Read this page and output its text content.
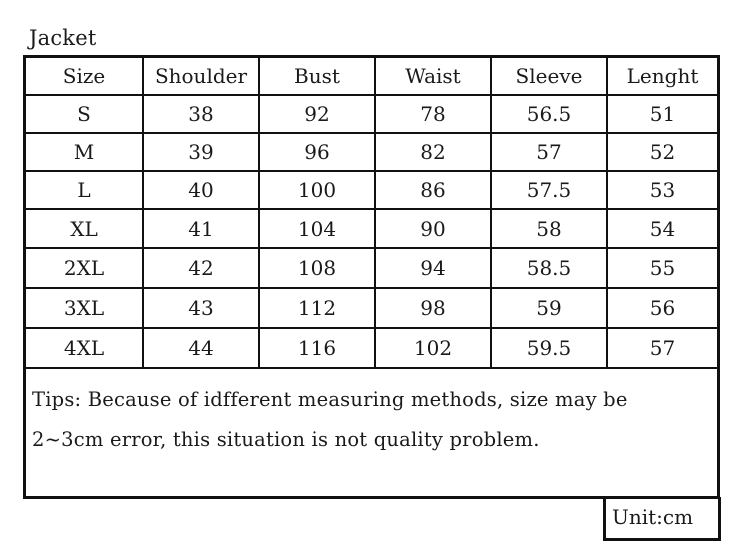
Jacket
Size	Shoulder	Bust	Waist	Sleeve	Lenght
S	38	92	78	56.5	51
M	39	96	82	57	52
L	40	100	86	57.5	53
XL	41	104	90	58	54
2XL	42	108	94	58.5	55
3XL	43	112	98	59	56
4XL	44	116	102	59.5	57
Tips: Because of idfferent measuring methods, size may be
2~3cm error, this situation is not quality problem.
Unit:cm
